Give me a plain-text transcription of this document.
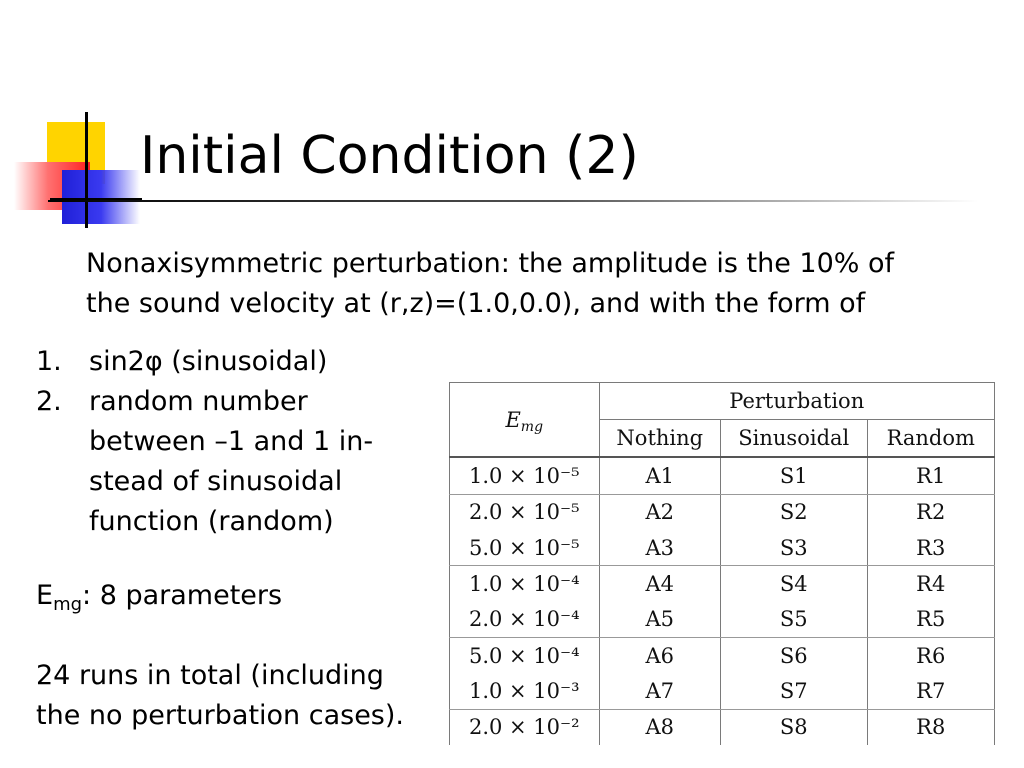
Initial Condition (2)
Nonaxisymmetric perturbation: the amplitude is the 10% of
the sound velocity at (r,z)=(1.0,0.0), and with the form of
1.	sin2φ (sinusoidal)
2.	random number
between –1 and 1 in-
stead of sinusoidal
function (random)
$E_{mg}$: 8 parameters
24 runs in total (including
the no perturbation cases).
$E_{mg}$	Perturbation		
	Nothing	Sinusoidal	Random
1.0 × 10⁻⁵	A1	S1	R1
2.0 × 10⁻⁵	A2	S2	R2
5.0 × 10⁻⁵	A3	S3	R3
1.0 × 10⁻⁴	A4	S4	R4
2.0 × 10⁻⁴	A5	S5	R5
5.0 × 10⁻⁴	A6	S6	R6
1.0 × 10⁻³	A7	S7	R7
2.0 × 10⁻²	A8	S8	R8
